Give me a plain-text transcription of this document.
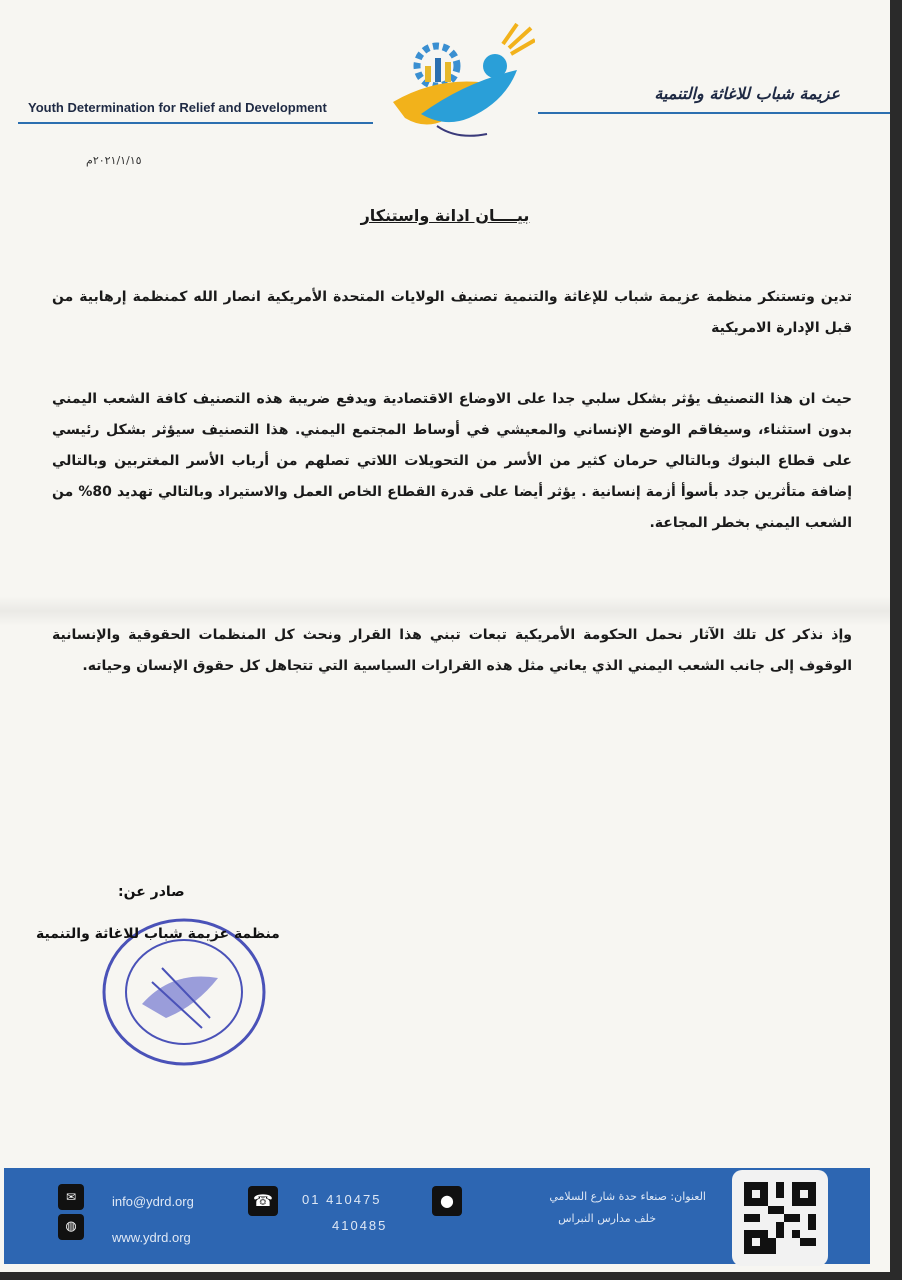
Youth Determination for Relief and Development
عزيمة شباب للاغاثة والتنمية
٢٠٢١/١/١٥م
بيــــان ادانة واستنكار

تدين وتستنكر منظمة عزيمة شباب للإغاثة والتنمية تصنيف الولايات المتحدة الأمريكية انصار الله كمنظمة إرهابية من قبل الإدارة الامريكية

حيث ان هذا التصنيف يؤثر بشكل سلبي جدا على الاوضاع الاقتصادية ويدفع ضريبة هذه التصنيف كافة الشعب اليمني بدون استثناء، وسيفاقم الوضع الإنساني والمعيشي في أوساط المجتمع اليمني. هذا التصنيف سيؤثر بشكل رئيسي على قطاع البنوك وبالتالي حرمان كثير من الأسر من التحويلات اللاتي تصلهم من أرباب الأسر المغتربين وبالتالي إضافة متأثرين جدد بأسوأ أزمة إنسانية . يؤثر أيضا على قدرة القطاع الخاص العمل والاستيراد وبالتالي تهديد 80% من الشعب اليمني بخطر المجاعة.

وإذ نذكر كل تلك الآثار نحمل الحكومة الأمريكية تبعات تبني هذا القرار ونحث كل المنظمات الحقوقية والإنسانية الوقوف إلى جانب الشعب اليمني الذي يعاني مثل هذه القرارات السياسية التي تتجاهل كل حقوق الإنسان وحياته.

صادر عن:
منظمة عزيمة شباب للاغاثة والتنمية
✉
◍
info@ydrd.org
www.ydrd.org
☎	01 410475
410485
●	العنوان: صنعاء حدة شارع السلامي
خلف مدارس النبراس
